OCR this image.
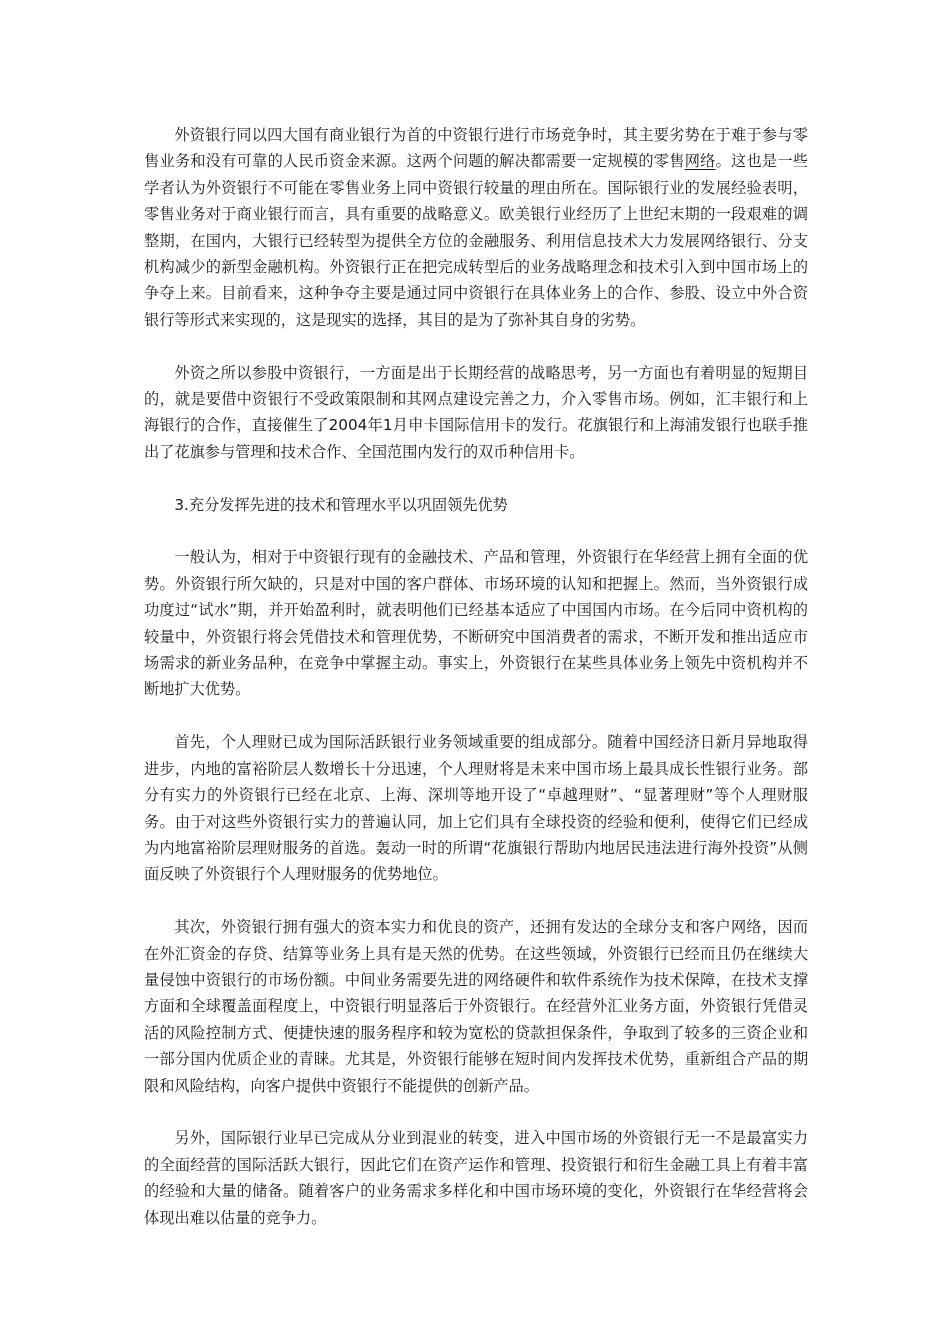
外资银行同以四大国有商业银行为首的中资银行进行市场竞争时，其主要劣势在于难于参与零售业务和没有可靠的人民币资金来源。这两个问题的解决都需要一定规模的零售网络。这也是一些学者认为外资银行不可能在零售业务上同中资银行较量的理由所在。国际银行业的发展经验表明，零售业务对于商业银行而言，具有重要的战略意义。欧美银行业经历了上世纪末期的一段艰难的调整期，在国内，大银行已经转型为提供全方位的金融服务、利用信息技术大力发展网络银行、分支机构减少的新型金融机构。外资银行正在把完成转型后的业务战略理念和技术引入到中国市场上的争夺上来。目前看来，这种争夺主要是通过同中资银行在具体业务上的合作、参股、设立中外合资银行等形式来实现的，这是现实的选择，其目的是为了弥补其自身的劣势。

外资之所以参股中资银行，一方面是出于长期经营的战略思考，另一方面也有着明显的短期目的，就是要借中资银行不受政策限制和其网点建设完善之力，介入零售市场。例如，汇丰银行和上海银行的合作，直接催生了2004年1月申卡国际信用卡的发行。花旗银行和上海浦发银行也联手推出了花旗参与管理和技术合作、全国范围内发行的双币种信用卡。

3.充分发挥先进的技术和管理水平以巩固领先优势

一般认为，相对于中资银行现有的金融技术、产品和管理，外资银行在华经营上拥有全面的优势。外资银行所欠缺的，只是对中国的客户群体、市场环境的认知和把握上。然而，当外资银行成功度过“试水”期，并开始盈利时，就表明他们已经基本适应了中国国内市场。在今后同中资机构的较量中，外资银行将会凭借技术和管理优势，不断研究中国消费者的需求，不断开发和推出适应市场需求的新业务品种，在竞争中掌握主动。事实上，外资银行在某些具体业务上领先中资机构并不断地扩大优势。

首先，个人理财已成为国际活跃银行业务领域重要的组成部分。随着中国经济日新月异地取得进步，内地的富裕阶层人数增长十分迅速，个人理财将是未来中国市场上最具成长性银行业务。部分有实力的外资银行已经在北京、上海、深圳等地开设了“卓越理财”、“显著理财”等个人理财服务。由于对这些外资银行实力的普遍认同，加上它们具有全球投资的经验和便利，使得它们已经成为内地富裕阶层理财服务的首选。轰动一时的所谓“花旗银行帮助内地居民违法进行海外投资”从侧面反映了外资银行个人理财服务的优势地位。

其次，外资银行拥有强大的资本实力和优良的资产，还拥有发达的全球分支和客户网络，因而在外汇资金的存贷、结算等业务上具有是天然的优势。在这些领域，外资银行已经而且仍在继续大量侵蚀中资银行的市场份额。中间业务需要先进的网络硬件和软件系统作为技术保障，在技术支撑方面和全球覆盖面程度上，中资银行明显落后于外资银行。在经营外汇业务方面，外资银行凭借灵活的风险控制方式、便捷快速的服务程序和较为宽松的贷款担保条件，争取到了较多的三资企业和一部分国内优质企业的青睐。尤其是，外资银行能够在短时间内发挥技术优势，重新组合产品的期限和风险结构，向客户提供中资银行不能提供的创新产品。

另外，国际银行业早已完成从分业到混业的转变，进入中国市场的外资银行无一不是最富实力的全面经营的国际活跃大银行，因此它们在资产运作和管理、投资银行和衍生金融工具上有着丰富的经验和大量的储备。随着客户的业务需求多样化和中国市场环境的变化，外资银行在华经营将会体现出难以估量的竞争力。
